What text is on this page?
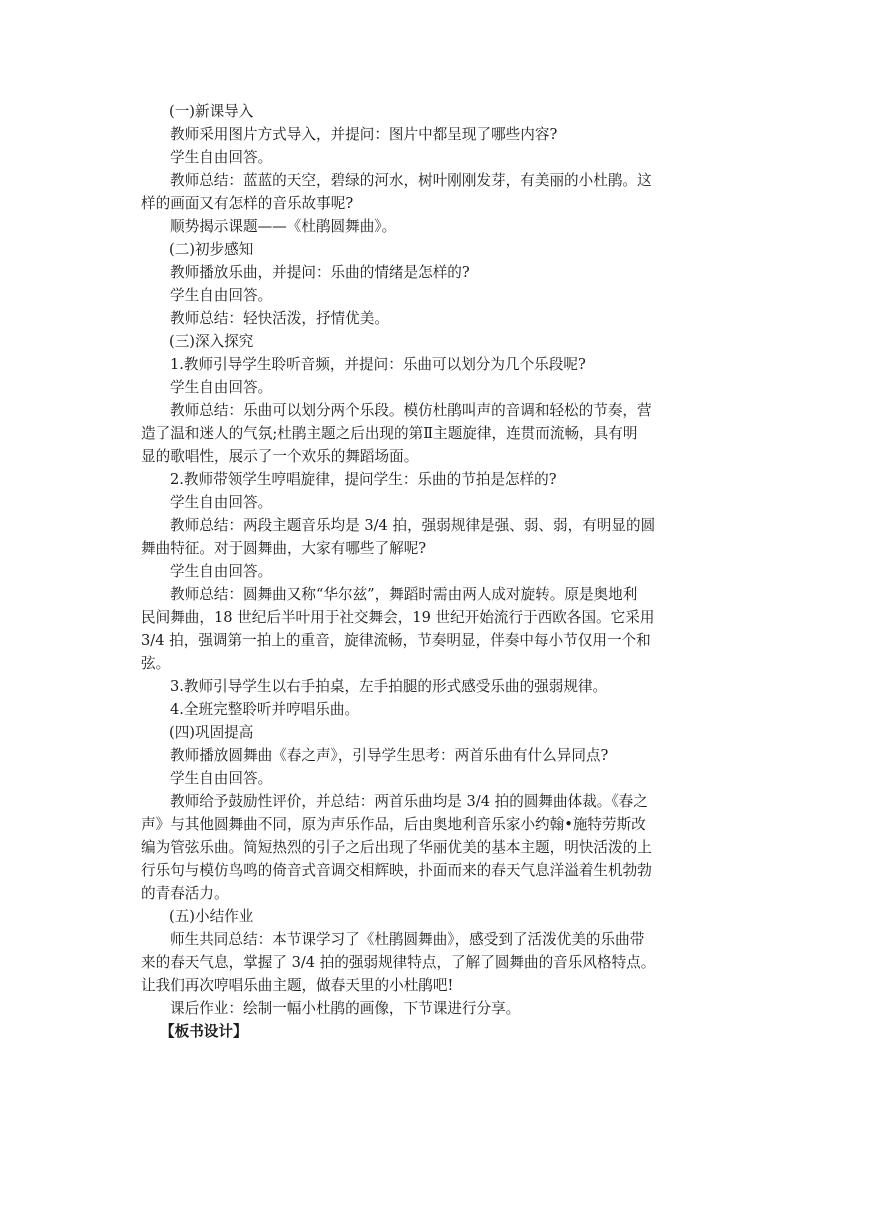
(一)新课导入
教师采用图片方式导入，并提问：图片中都呈现了哪些内容?
学生自由回答。
教师总结：蓝蓝的天空，碧绿的河水，树叶刚刚发芽，有美丽的小杜鹃。这
样的画面又有怎样的音乐故事呢?
顺势揭示课题——《杜鹃圆舞曲》。
(二)初步感知
教师播放乐曲，并提问：乐曲的情绪是怎样的?
学生自由回答。
教师总结：轻快活泼，抒情优美。
(三)深入探究
1.教师引导学生聆听音频，并提问：乐曲可以划分为几个乐段呢?
学生自由回答。
教师总结：乐曲可以划分两个乐段。模仿杜鹃叫声的音调和轻松的节奏，营
造了温和迷人的气氛;杜鹃主题之后出现的第Ⅱ主题旋律，连贯而流畅，具有明
显的歌唱性，展示了一个欢乐的舞蹈场面。
2.教师带领学生哼唱旋律，提问学生：乐曲的节拍是怎样的?
学生自由回答。
教师总结：两段主题音乐均是 3/4 拍，强弱规律是强、弱、弱，有明显的圆
舞曲特征。对于圆舞曲，大家有哪些了解呢?
学生自由回答。
教师总结：圆舞曲又称“华尔兹”，舞蹈时需由两人成对旋转。原是奥地利
民间舞曲，18 世纪后半叶用于社交舞会，19 世纪开始流行于西欧各国。它采用
3/4 拍，强调第一拍上的重音，旋律流畅，节奏明显，伴奏中每小节仅用一个和
弦。
3.教师引导学生以右手拍桌，左手拍腿的形式感受乐曲的强弱规律。
4.全班完整聆听并哼唱乐曲。
(四)巩固提高
教师播放圆舞曲《春之声》，引导学生思考：两首乐曲有什么异同点?
学生自由回答。
教师给予鼓励性评价，并总结：两首乐曲均是 3/4 拍的圆舞曲体裁。《春之
声》与其他圆舞曲不同，原为声乐作品，后由奥地利音乐家小约翰•施特劳斯改
编为管弦乐曲。简短热烈的引子之后出现了华丽优美的基本主题，明快活泼的上
行乐句与模仿鸟鸣的倚音式音调交相辉映，扑面而来的春天气息洋溢着生机勃勃
的青春活力。
(五)小结作业
师生共同总结：本节课学习了《杜鹃圆舞曲》，感受到了活泼优美的乐曲带
来的春天气息，掌握了 3/4 拍的强弱规律特点，了解了圆舞曲的音乐风格特点。
让我们再次哼唱乐曲主题，做春天里的小杜鹃吧!
课后作业：绘制一幅小杜鹃的画像，下节课进行分享。
【板书设计】
